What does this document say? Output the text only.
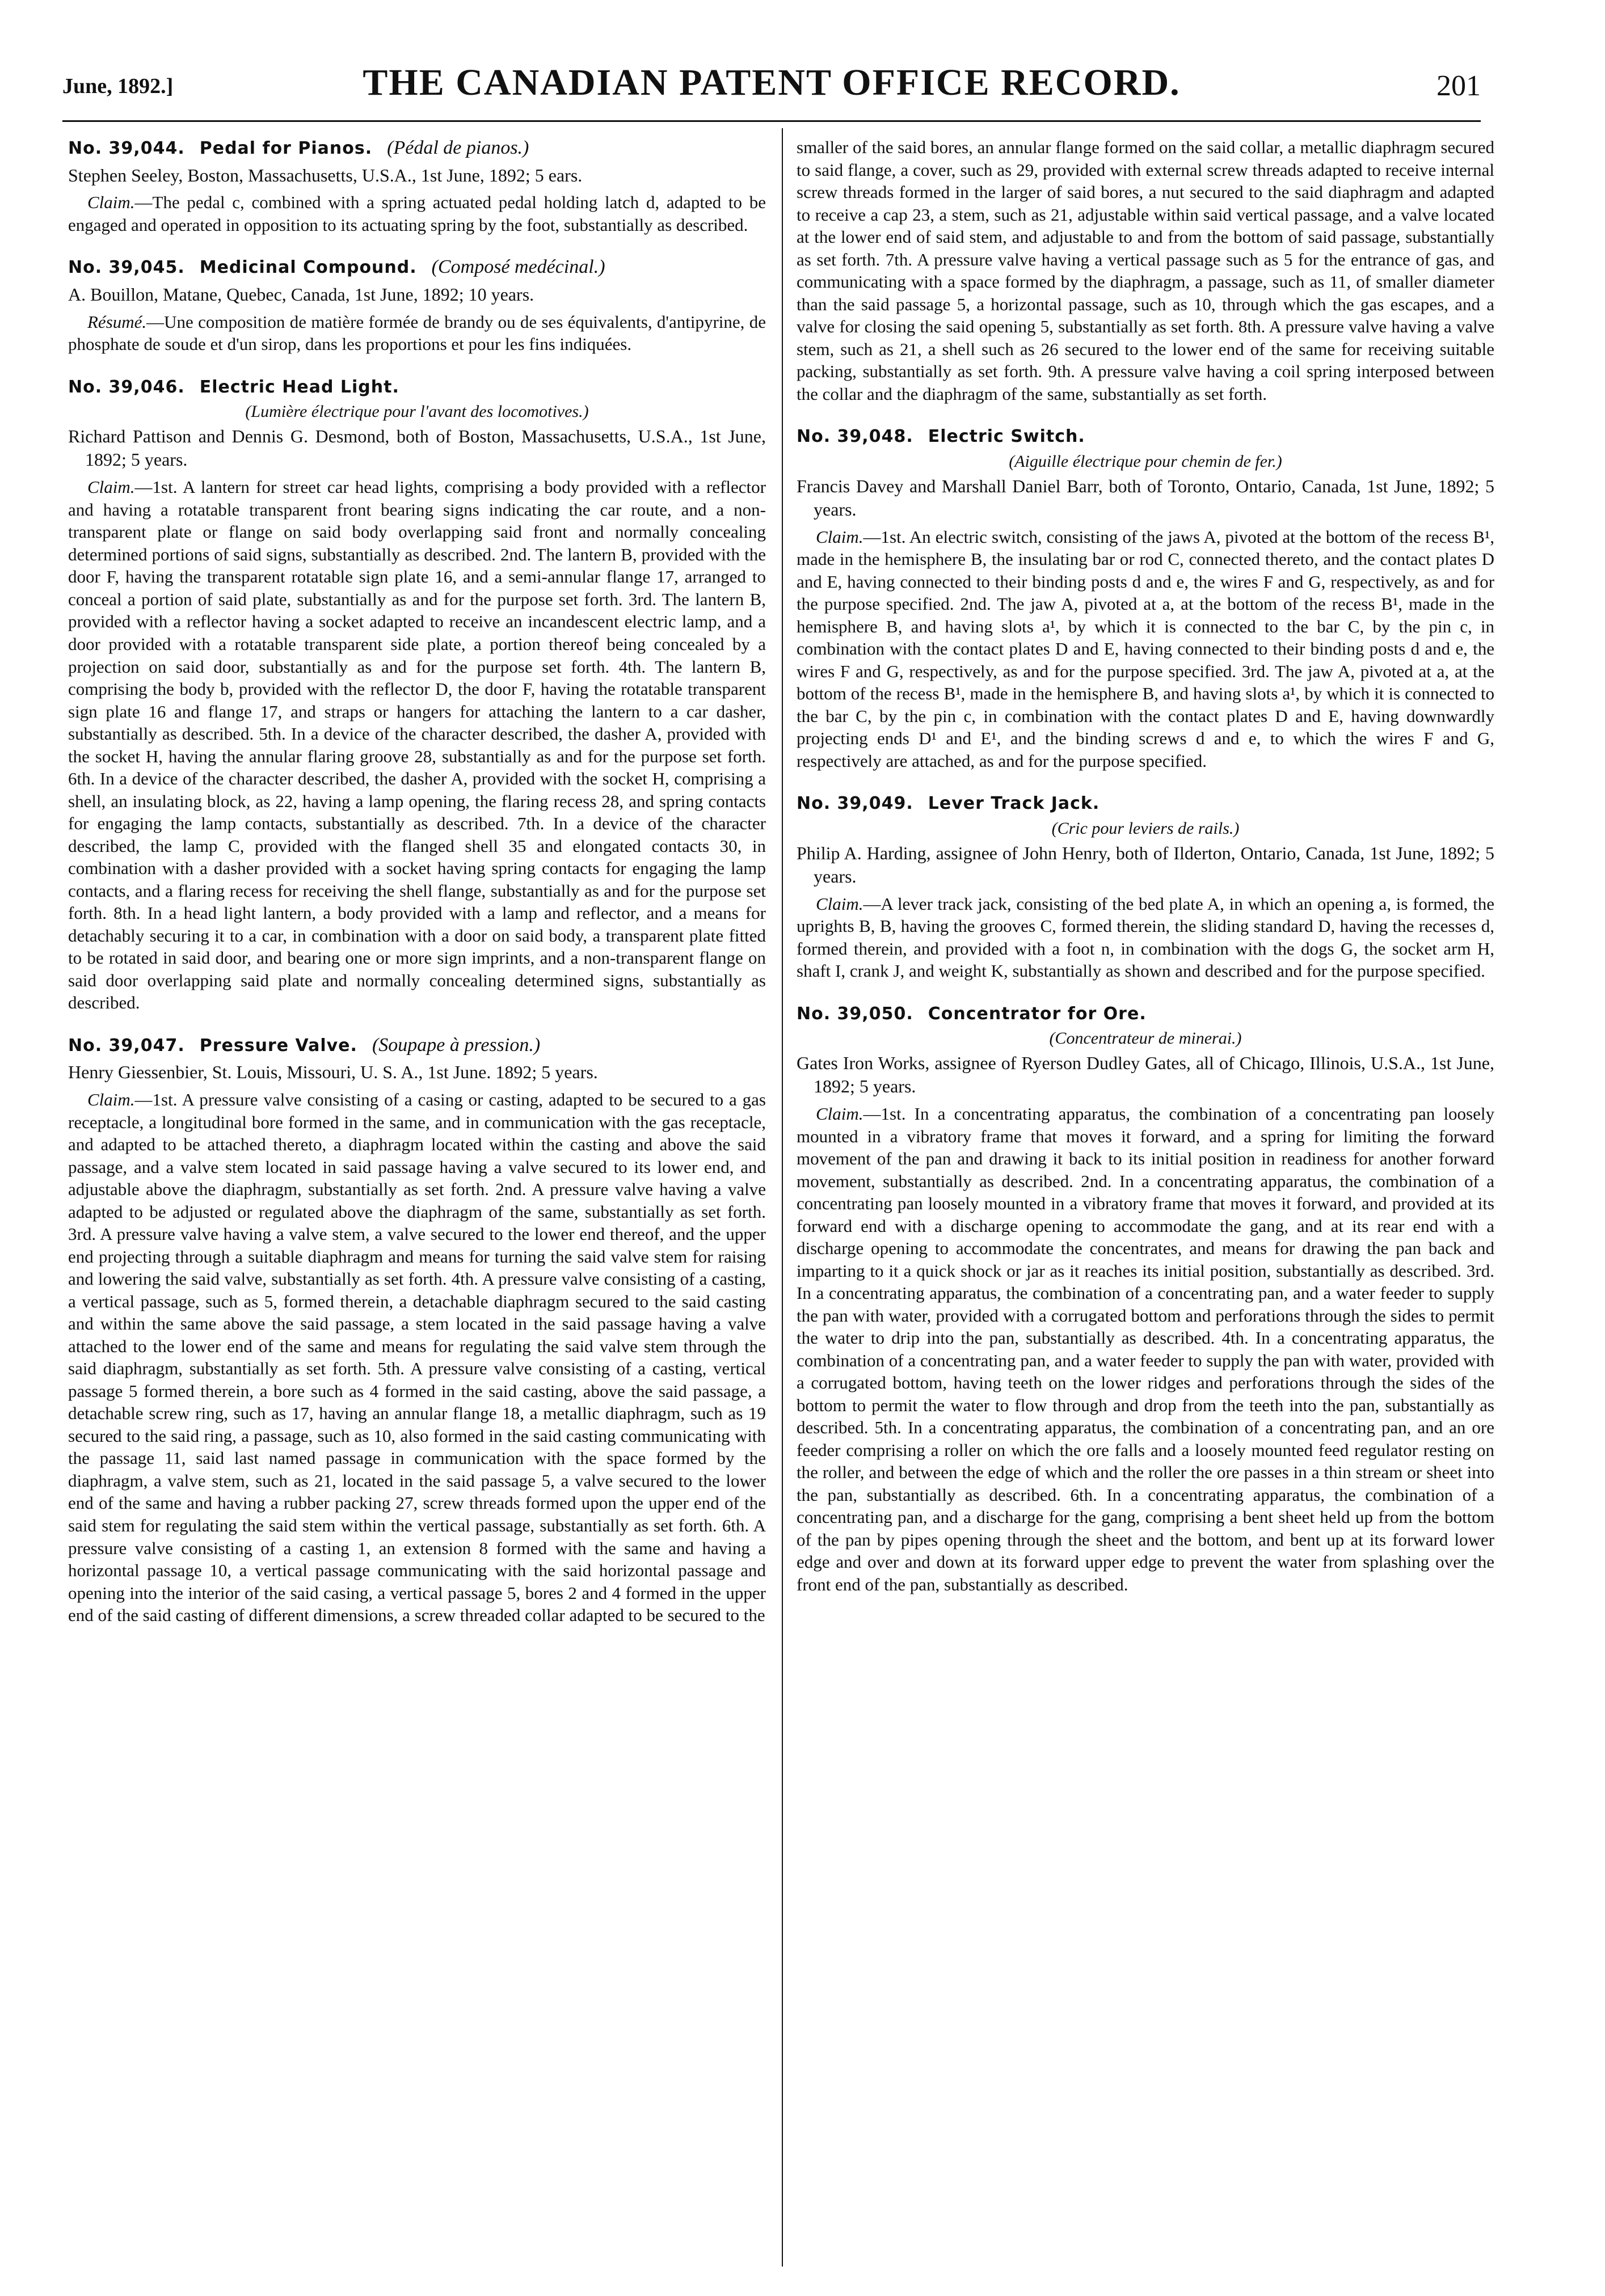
June, 1892.]	THE CANADIAN PATENT OFFICE RECORD.	201

No. 39,044. Pedal for Pianos. (Pédal de pianos.)

Stephen Seeley, Boston, Massachusetts, U.S.A., 1st June, 1892; 5 ears.

Claim.—The pedal c, combined with a spring actuated pedal holding latch d, adapted to be engaged and operated in opposition to its actuating spring by the foot, substantially as described.

No. 39,045. Medicinal Compound. (Composé medécinal.)

A. Bouillon, Matane, Quebec, Canada, 1st June, 1892; 10 years.

Résumé.—Une composition de matière formée de brandy ou de ses équivalents, d'antipyrine, de phosphate de soude et d'un sirop, dans les proportions et pour les fins indiquées.

No. 39,046. Electric Head Light.

(Lumière électrique pour l'avant des locomotives.)

Richard Pattison and Dennis G. Desmond, both of Boston, Massachusetts, U.S.A., 1st June, 1892; 5 years.

Claim.—1st. A lantern for street car head lights, comprising a body provided with a reflector and having a rotatable transparent front bearing signs indicating the car route, and a non-transparent plate or flange on said body overlapping said front and normally concealing determined portions of said signs, substantially as described. 2nd. The lantern B, provided with the door F, having the transparent rotatable sign plate 16, and a semi-annular flange 17, arranged to conceal a portion of said plate, substantially as and for the purpose set forth. 3rd. The lantern B, provided with a reflector having a socket adapted to receive an incandescent electric lamp, and a door provided with a rotatable transparent side plate, a portion thereof being concealed by a projection on said door, substantially as and for the purpose set forth. 4th. The lantern B, comprising the body b, provided with the reflector D, the door F, having the rotatable transparent sign plate 16 and flange 17, and straps or hangers for attaching the lantern to a car dasher, substantially as described. 5th. In a device of the character described, the dasher A, provided with the socket H, having the annular flaring groove 28, substantially as and for the purpose set forth. 6th. In a device of the character described, the dasher A, provided with the socket H, comprising a shell, an insulating block, as 22, having a lamp opening, the flaring recess 28, and spring contacts for engaging the lamp contacts, substantially as described. 7th. In a device of the character described, the lamp C, provided with the flanged shell 35 and elongated contacts 30, in combination with a dasher provided with a socket having spring contacts for engaging the lamp contacts, and a flaring recess for receiving the shell flange, substantially as and for the purpose set forth. 8th. In a head light lantern, a body provided with a lamp and reflector, and a means for detachably securing it to a car, in combination with a door on said body, a transparent plate fitted to be rotated in said door, and bearing one or more sign imprints, and a non-transparent flange on said door overlapping said plate and normally concealing determined signs, substantially as described.

No. 39,047. Pressure Valve. (Soupape à pression.)

Henry Giessenbier, St. Louis, Missouri, U. S. A., 1st June. 1892; 5 years.

Claim.—1st. A pressure valve consisting of a casing or casting, adapted to be secured to a gas receptacle, a longitudinal bore formed in the same, and in communication with the gas receptacle, and adapted to be attached thereto, a diaphragm located within the casting and above the said passage, and a valve stem located in said passage having a valve secured to its lower end, and adjustable above the diaphragm, substantially as set forth. 2nd. A pressure valve having a valve adapted to be adjusted or regulated above the diaphragm of the same, substantially as set forth. 3rd. A pressure valve having a valve stem, a valve secured to the lower end thereof, and the upper end projecting through a suitable diaphragm and means for turning the said valve stem for raising and lowering the said valve, substantially as set forth. 4th. A pressure valve consisting of a casting, a vertical passage, such as 5, formed therein, a detachable diaphragm secured to the said casting and within the same above the said passage, a stem located in the said passage having a valve attached to the lower end of the same and means for regulating the said valve stem through the said diaphragm, substantially as set forth. 5th. A pressure valve consisting of a casting, vertical passage 5 formed therein, a bore such as 4 formed in the said casting, above the said passage, a detachable screw ring, such as 17, having an annular flange 18, a metallic diaphragm, such as 19 secured to the said ring, a passage, such as 10, also formed in the said casting communicating with the passage 11, said last named passage in communication with the space formed by the diaphragm, a valve stem, such as 21, located in the said passage 5, a valve secured to the lower end of the same and having a rubber packing 27, screw threads formed upon the upper end of the said stem for regulating the said stem within the vertical passage, substantially as set forth. 6th. A pressure valve consisting of a casting 1, an extension 8 formed with the same and having a horizontal passage 10, a vertical passage communicating with the said horizontal passage and opening into the interior of the said casing, a vertical passage 5, bores 2 and 4 formed in the upper end of the said casting of different dimensions, a screw threaded collar adapted to be secured to the

smaller of the said bores, an annular flange formed on the said collar, a metallic diaphragm secured to said flange, a cover, such as 29, provided with external screw threads adapted to receive internal screw threads formed in the larger of said bores, a nut secured to the said diaphragm and adapted to receive a cap 23, a stem, such as 21, adjustable within said vertical passage, and a valve located at the lower end of said stem, and adjustable to and from the bottom of said passage, substantially as set forth. 7th. A pressure valve having a vertical passage such as 5 for the entrance of gas, and communicating with a space formed by the diaphragm, a passage, such as 11, of smaller diameter than the said passage 5, a horizontal passage, such as 10, through which the gas escapes, and a valve for closing the said opening 5, substantially as set forth. 8th. A pressure valve having a valve stem, such as 21, a shell such as 26 secured to the lower end of the same for receiving suitable packing, substantially as set forth. 9th. A pressure valve having a coil spring interposed between the collar and the diaphragm of the same, substantially as set forth.

No. 39,048. Electric Switch.

(Aiguille électrique pour chemin de fer.)

Francis Davey and Marshall Daniel Barr, both of Toronto, Ontario, Canada, 1st June, 1892; 5 years.

Claim.—1st. An electric switch, consisting of the jaws A, pivoted at the bottom of the recess B¹, made in the hemisphere B, the insulating bar or rod C, connected thereto, and the contact plates D and E, having connected to their binding posts d and e, the wires F and G, respectively, as and for the purpose specified. 2nd. The jaw A, pivoted at a, at the bottom of the recess B¹, made in the hemisphere B, and having slots a¹, by which it is connected to the bar C, by the pin c, in combination with the contact plates D and E, having connected to their binding posts d and e, the wires F and G, respectively, as and for the purpose specified. 3rd. The jaw A, pivoted at a, at the bottom of the recess B¹, made in the hemisphere B, and having slots a¹, by which it is connected to the bar C, by the pin c, in combination with the contact plates D and E, having downwardly projecting ends D¹ and E¹, and the binding screws d and e, to which the wires F and G, respectively are attached, as and for the purpose specified.

No. 39,049. Lever Track Jack.

(Cric pour leviers de rails.)

Philip A. Harding, assignee of John Henry, both of Ilderton, Ontario, Canada, 1st June, 1892; 5 years.

Claim.—A lever track jack, consisting of the bed plate A, in which an opening a, is formed, the uprights B, B, having the grooves C, formed therein, the sliding standard D, having the recesses d, formed therein, and provided with a foot n, in combination with the dogs G, the socket arm H, shaft I, crank J, and weight K, substantially as shown and described and for the purpose specified.

No. 39,050. Concentrator for Ore.

(Concentrateur de minerai.)

Gates Iron Works, assignee of Ryerson Dudley Gates, all of Chicago, Illinois, U.S.A., 1st June, 1892; 5 years.

Claim.—1st. In a concentrating apparatus, the combination of a concentrating pan loosely mounted in a vibratory frame that moves it forward, and a spring for limiting the forward movement of the pan and drawing it back to its initial position in readiness for another forward movement, substantially as described. 2nd. In a concentrating apparatus, the combination of a concentrating pan loosely mounted in a vibratory frame that moves it forward, and provided at its forward end with a discharge opening to accommodate the gang, and at its rear end with a discharge opening to accommodate the concentrates, and means for drawing the pan back and imparting to it a quick shock or jar as it reaches its initial position, substantially as described. 3rd. In a concentrating apparatus, the combination of a concentrating pan, and a water feeder to supply the pan with water, provided with a corrugated bottom and perforations through the sides to permit the water to drip into the pan, substantially as described. 4th. In a concentrating apparatus, the combination of a concentrating pan, and a water feeder to supply the pan with water, provided with a corrugated bottom, having teeth on the lower ridges and perforations through the sides of the bottom to permit the water to flow through and drop from the teeth into the pan, substantially as described. 5th. In a concentrating apparatus, the combination of a concentrating pan, and an ore feeder comprising a roller on which the ore falls and a loosely mounted feed regulator resting on the roller, and between the edge of which and the roller the ore passes in a thin stream or sheet into the pan, substantially as described. 6th. In a concentrating apparatus, the combination of a concentrating pan, and a discharge for the gang, comprising a bent sheet held up from the bottom of the pan by pipes opening through the sheet and the bottom, and bent up at its forward lower edge and over and down at its forward upper edge to prevent the water from splashing over the front end of the pan, substantially as described.
